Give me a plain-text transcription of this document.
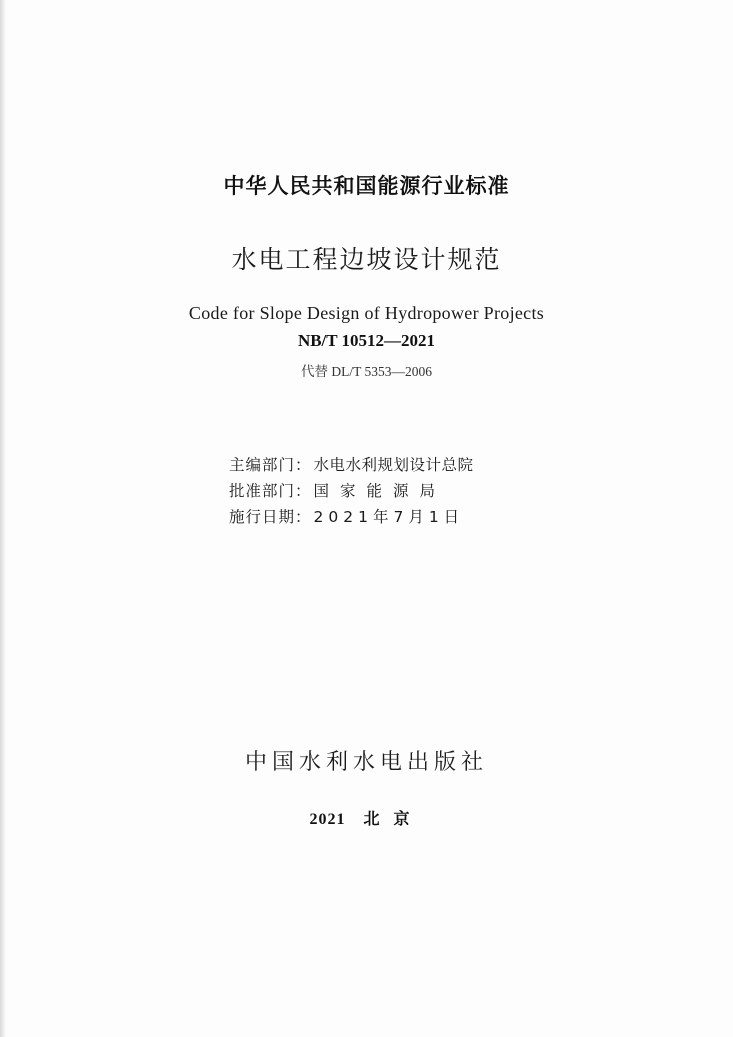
中华人民共和国能源行业标准
水电工程边坡设计规范
Code for Slope Design of Hydropower Projects
NB/T 10512—2021
代替 DL/T 5353—2006
主编部门： 水电水利规划设计总院
批准部门： 国家能源局
施行日期： 2021年7月1日
中国水利水电出版社
2021 北京
